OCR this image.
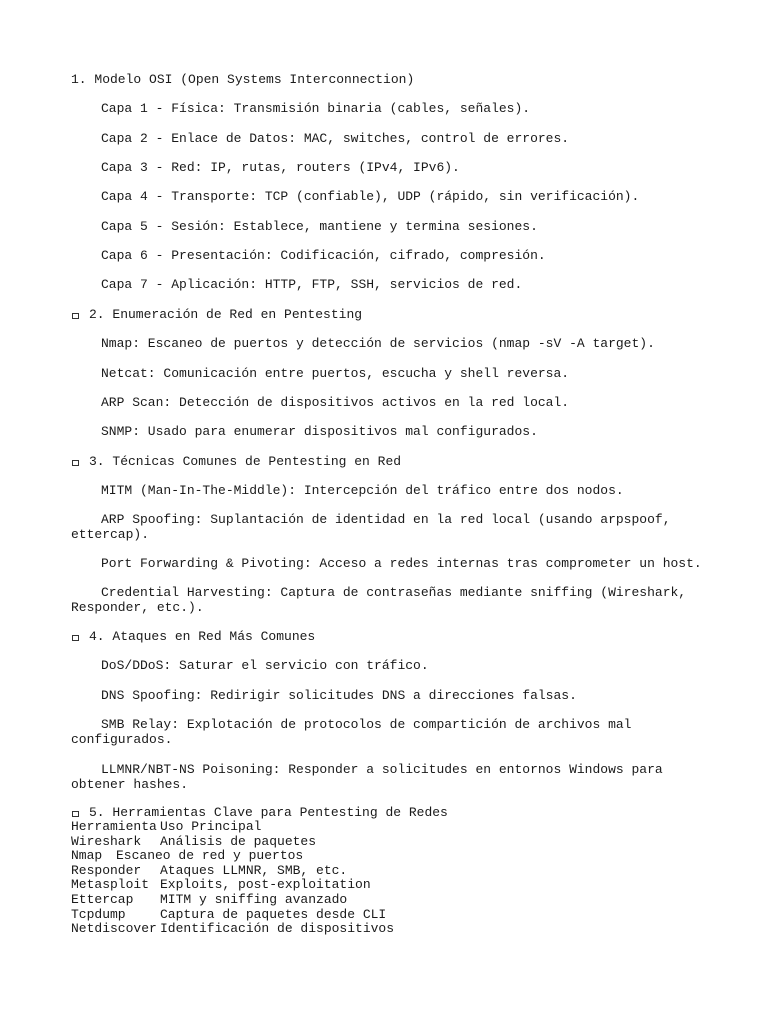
1. Modelo OSI (Open Systems Interconnection)
Capa 1 - Física: Transmisión binaria (cables, señales).
Capa 2 - Enlace de Datos: MAC, switches, control de errores.
Capa 3 - Red: IP, rutas, routers (IPv4, IPv6).
Capa 4 - Transporte: TCP (confiable), UDP (rápido, sin verificación).
Capa 5 - Sesión: Establece, mantiene y termina sesiones.
Capa 6 - Presentación: Codificación, cifrado, compresión.
Capa 7 - Aplicación: HTTP, FTP, SSH, servicios de red.
2. Enumeración de Red en Pentesting
Nmap: Escaneo de puertos y detección de servicios (nmap -sV -A target).
Netcat: Comunicación entre puertos, escucha y shell reversa.
ARP Scan: Detección de dispositivos activos en la red local.
SNMP: Usado para enumerar dispositivos mal configurados.
3. Técnicas Comunes de Pentesting en Red
MITM (Man-In-The-Middle): Intercepción del tráfico entre dos nodos.
ARP Spoofing: Suplantación de identidad en la red local (usando arpspoof,
ettercap).
Port Forwarding & Pivoting: Acceso a redes internas tras comprometer un host.
Credential Harvesting: Captura de contraseñas mediante sniffing (Wireshark,
Responder, etc.).
4. Ataques en Red Más Comunes
DoS/DDoS: Saturar el servicio con tráfico.
DNS Spoofing: Redirigir solicitudes DNS a direcciones falsas.
SMB Relay: Explotación de protocolos de compartición de archivos mal
configurados.
LLMNR/NBT-NS Poisoning: Responder a solicitudes en entornos Windows para
obtener hashes.
5. Herramientas Clave para Pentesting de Redes
Herramienta Uso Principal
Wireshark	Análisis de paquetes
Nmap	Escaneo de red y puertos
Responder	Ataques LLMNR, SMB, etc.
Metasploit Exploits, post-exploitation
Ettercap	MITM y sniffing avanzado
Tcpdump	Captura de paquetes desde CLI
Netdiscover Identificación de dispositivos
